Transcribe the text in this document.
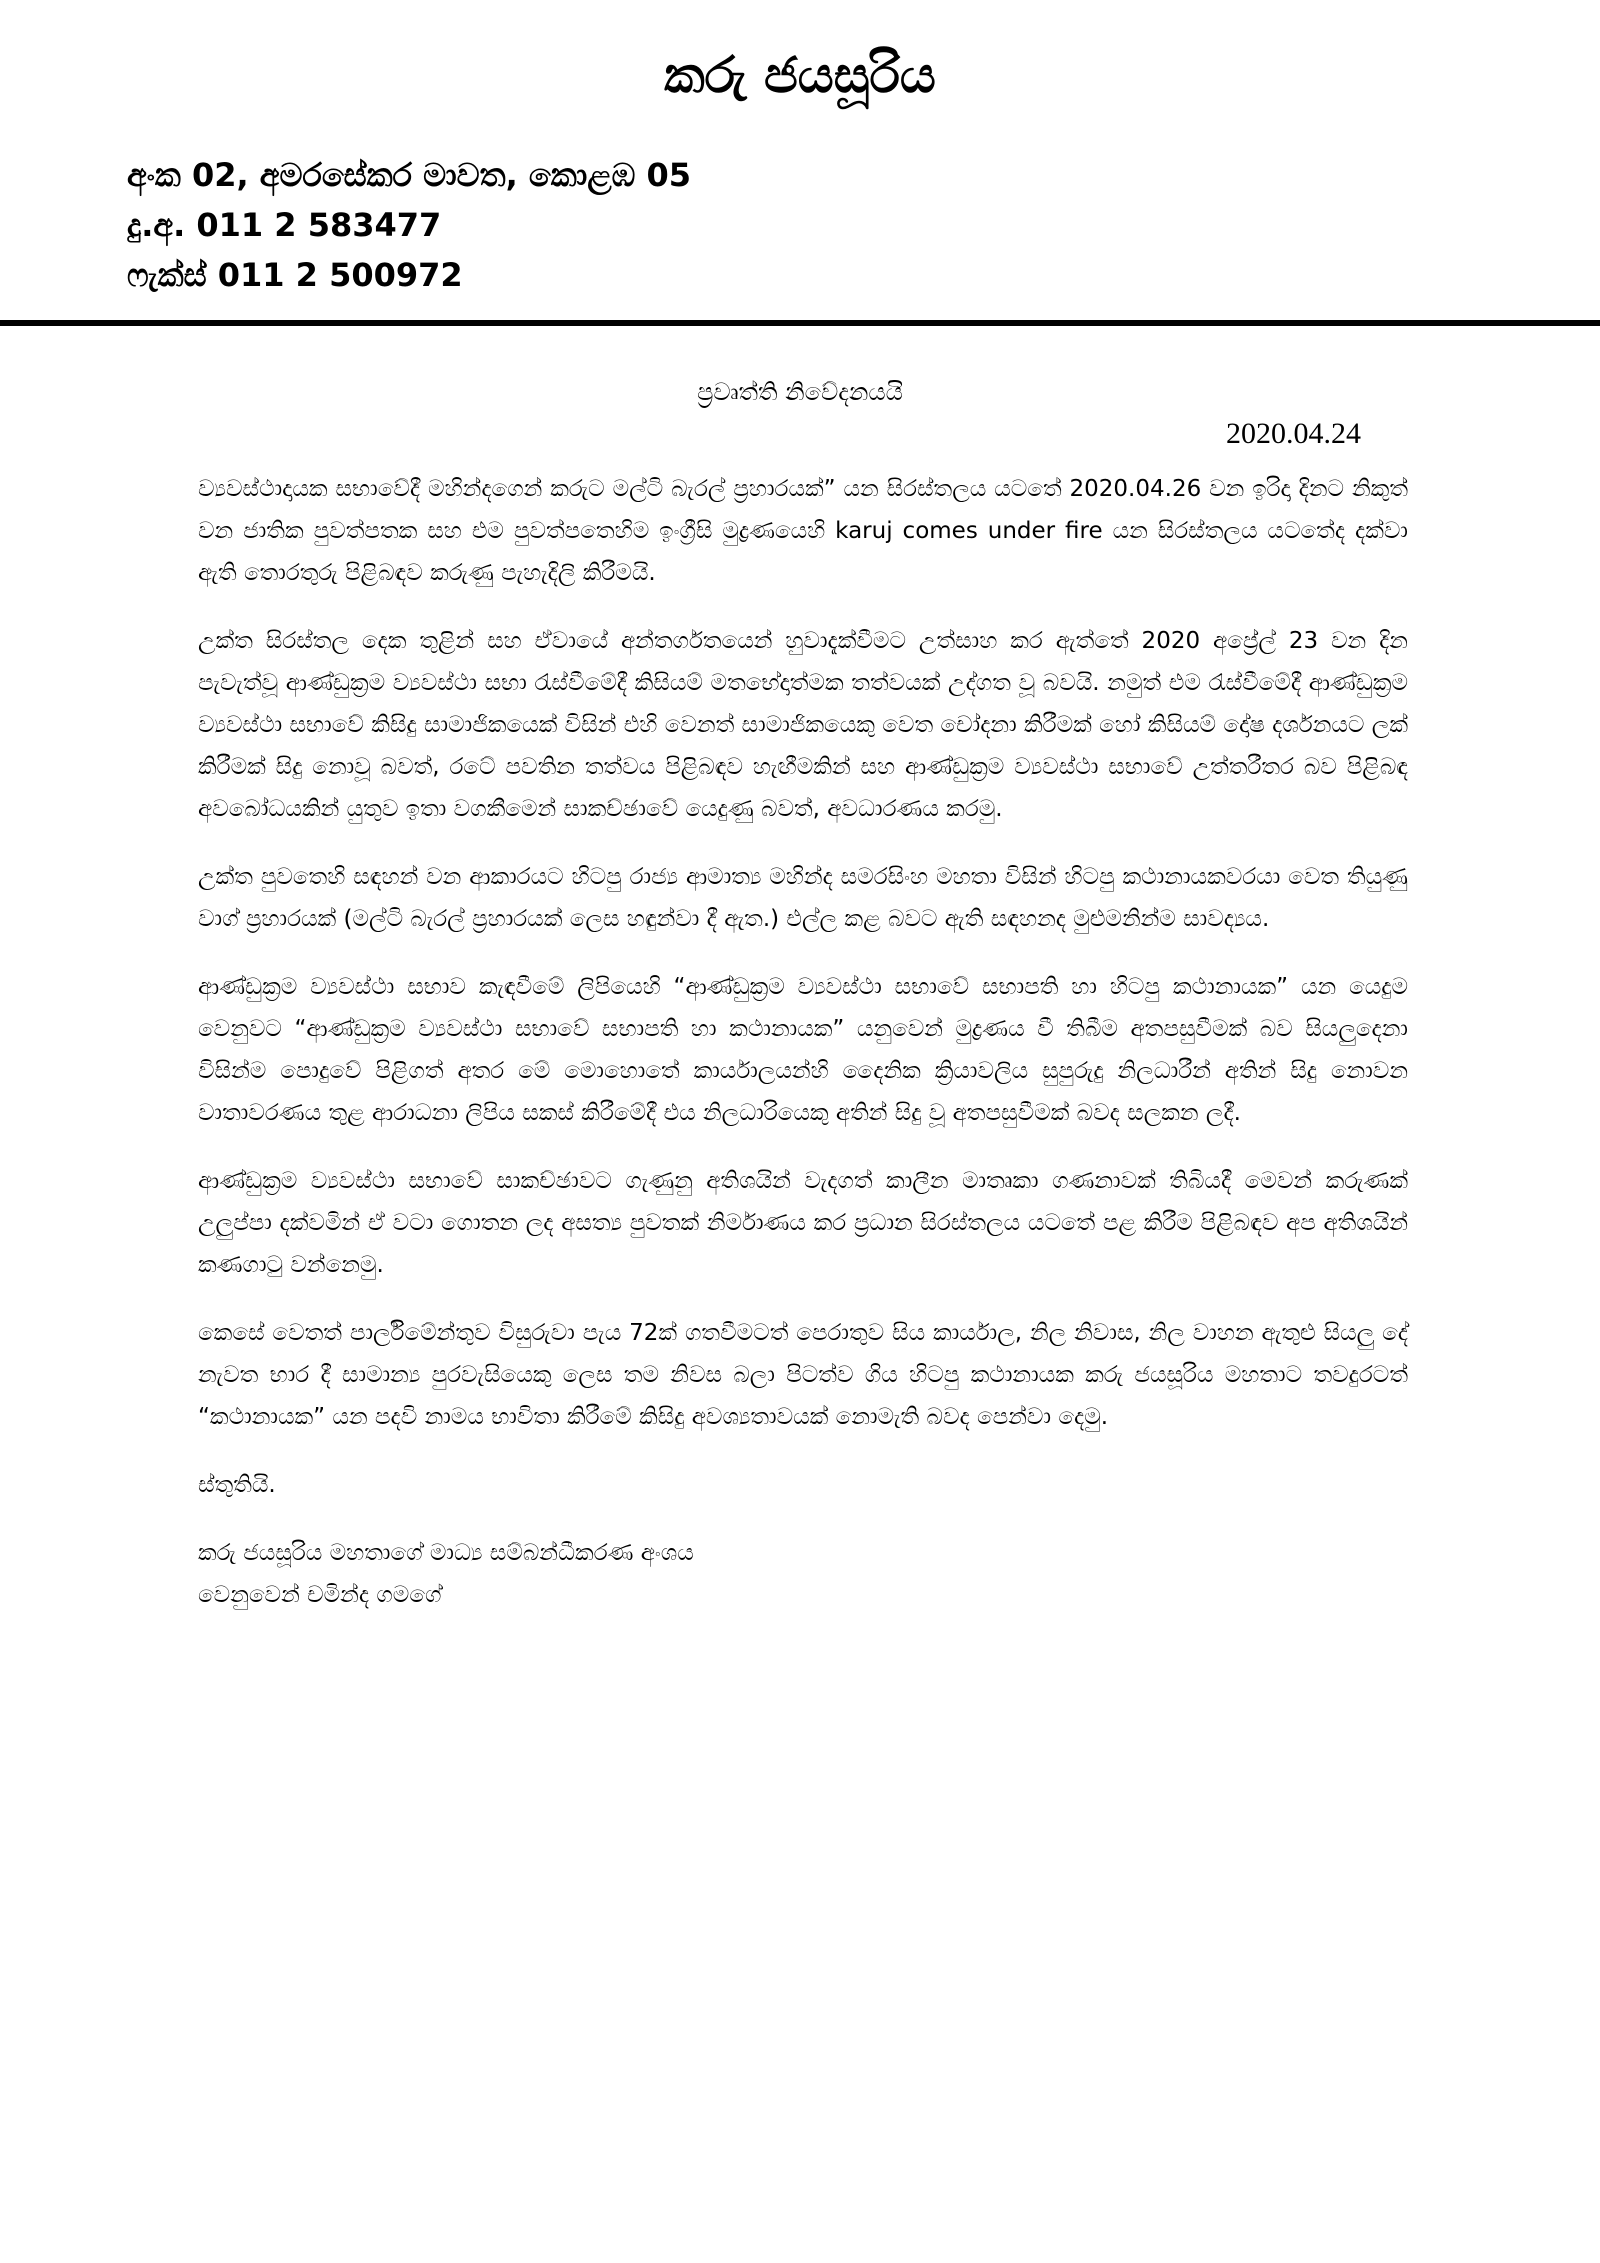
කරු ජයසූරිය
අංක 02, අමරසේකර මාවත, කොළඹ 05
දු.අ. 011 2 583477
ෆැක්ස් 011 2 500972
ප්‍රවෘත්ති නිවේදනයයි
2020.04.24

ව්‍යවස්ථාදායක සභාවේදී මහින්දගෙන් කරුට මල්ටි බැරල් ප්‍රහාරයක්” යන සිරස්තලය යටතේ 2020.04.26 වන ඉරිදා දිනට නිකුත් වන ජාතික පුවත්පතක සහ එම පුවත්පතෙහිම ඉංග්‍රීසි මුද්‍රණයෙහි karuj comes under fire යන සිරස්තලය යටතේද දක්වා ඇති තොරතුරු පිළිබඳව කරුණු පැහැදිලි කිරීමයි.

උක්ත සිරස්තල දෙක තුළින් සහ ඒවායේ අන්තර්ගතයෙන් හුවාදැක්වීමට උත්සාහ කර ඇත්තේ 2020 අප්‍රේල් 23 වන දින පැවැත්වූ ආණ්ඩුක්‍රම ව්‍යවස්ථා සභා රැස්වීමේදී කිසියම් මතභේදාත්මක තත්වයක් උද්ගත වූ බවයි. නමුත් එම රැස්වීමේදී ආණ්ඩුක්‍රම ව්‍යවස්ථා සභාවේ කිසිදු සාමාජිකයෙක් විසින් එහි වෙනත් සාමාජිකයෙකු වෙත චෝදනා කිරීමක් හෝ කිසියම් දෝෂ දර්ශනයට ලක් කිරීමක් සිදු නොවූ බවත්, රටේ පවතින තත්වය පිළිබඳව හැඟීමකින් සහ ආණ්ඩුක්‍රම ව්‍යවස්ථා සභාවේ උත්තරීතර බව පිළිබඳ අවබෝධයකින් යුතුව ඉතා වගකීමෙන් සාකච්ඡාවේ යෙදුණු බවත්, අවධාරණය කරමු.

උක්ත පුවතෙහි සඳහන් වන ආකාරයට හිටපු රාජ්‍ය ආමාත්‍ය මහින්ද සමරසිංහ මහතා විසින් හිටපු කථානායකවරයා වෙත තියුණු වාග් ප්‍රහාරයක් (මල්ටි බැරල් ප්‍රහාරයක් ලෙස හඳුන්වා දී ඇත.) එල්ල කළ බවට ඇති සඳහනද මුළුමනින්ම සාවද්‍යය.

ආණ්ඩුක්‍රම ව්‍යවස්ථා සභාව කැඳවීමේ ලිපියෙහි “ආණ්ඩුක්‍රම ව්‍යවස්ථා සභාවේ සභාපති හා හිටපු කථානායක” යන යෙදුම වෙනුවට “ආණ්ඩුක්‍රම ව්‍යවස්ථා සභාවේ සභාපති හා කථානායක” යනුවෙන් මුද්‍රණය වී තිබීම අතපසුවීමක් බව සියලුදෙනා විසින්ම පොදුවේ පිළිගත් අතර මේ මොහොතේ කාර්යාලයන්හි දෛනික ක්‍රියාවලිය සුපුරුදු නිලධාරීන් අතින් සිදු නොවන වාතාවරණය තුළ ආරාධනා ලිපිය සකස් කිරීමේදී එය නිලධාරියෙකු අතින් සිදු වූ අතපසුවීමක් බවද සලකන ලදී.

ආණ්ඩුක්‍රම ව්‍යවස්ථා සභාවේ සාකච්ඡාවට ගැණුනු අතිශයින් වැදගත් කාලීන මාතෘකා ගණනාවක් තිබියදී මෙවන් කරුණක් උලුප්පා දක්වමින් ඒ වටා ගොතන ලද අසත්‍ය පුවතක් නිර්මාණය කර ප්‍රධාන සිරස්තලය යටතේ පළ කිරීම පිළිබඳව අප අතිශයින් කණගාටු වන්නෙමු.

කෙසේ වෙතත් පාර්ලිමේන්තුව විසුරුවා පැය 72ක් ගතවීමටත් පෙරාතුව සිය කාර්යාල, නිල නිවාස, නිල වාහන ඇතුළු සියලු දේ නැවත භාර දී සාමාන්‍ය පුරවැසියෙකු ලෙස තම නිවස බලා පිටත්ව ගිය හිටපු කථානායක කරු ජයසූරිය මහතාට තවදුරටත් “කථානායක” යන පදවි නාමය භාවිතා කිරීමේ කිසිදු අවශ්‍යතාවයක් නොමැති බවද පෙන්වා දෙමු.

ස්තුතියි.
කරු ජයසූරිය මහතාගේ මාධ්‍ය සම්බන්ධීකරණ අංශය
වෙනුවෙන් චමින්ද ගමගේ
